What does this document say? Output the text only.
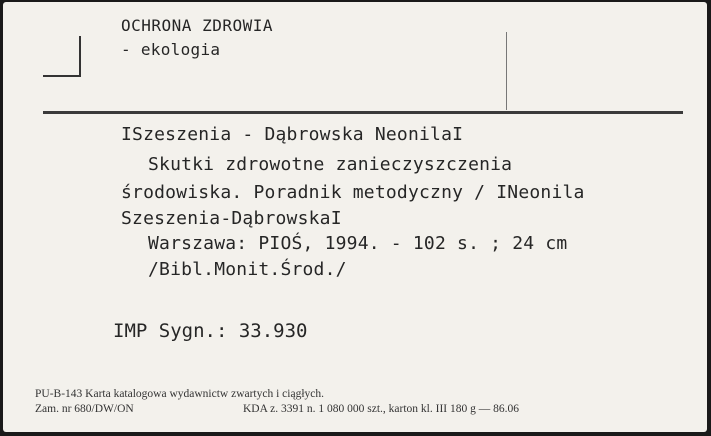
OCHRONA ZDROWIA
- ekologia
ISzeszenia - Dąbrowska NeonilaI
Skutki zdrowotne zanieczyszczenia
środowiska. Poradnik metodyczny / INeonila
Szeszenia-DąbrowskaI
Warszawa: PIOŚ, 1994. - 102 s. ; 24 cm
/Bibl.Monit.Środ./
IMP Sygn.: 33.930
PU-B-143 Karta katalogowa wydawnictw zwartych i ciągłych.
Zam. nr 680/DW/ON	KDA z. 3391 n. 1 080 000 szt., karton kl. III 180 g — 86.06
